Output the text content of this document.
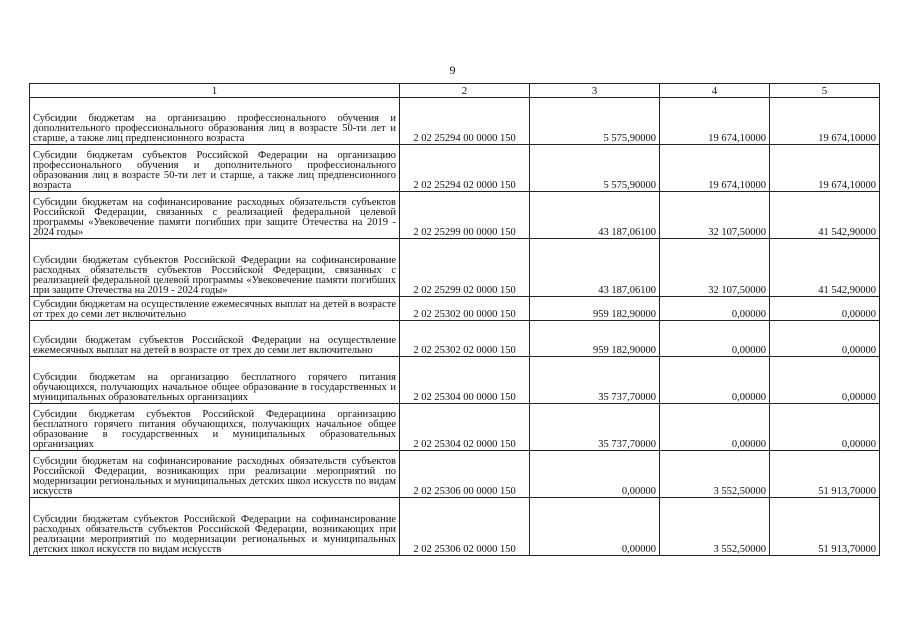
9
1	2	3	4	5
Субсидии бюджетам на организацию профессионального обучения и дополнительного профессионального образования лиц в возрасте 50-ти лет и старше, а также лиц предпенсионного возраста	2 02 25294 00 0000 150	5 575,90000	19 674,10000	19 674,10000
Субсидии бюджетам субъектов Российской Федерации на организацию профессионального обучения и дополнительного профессионального образования лиц в возрасте 50-ти лет и старше, а также лиц предпенсионного возраста	2 02 25294 02 0000 150	5 575,90000	19 674,10000	19 674,10000
Субсидии бюджетам на софинансирование расходных обязательств субъектов Российской Федерации, связанных с реализацией федеральной целевой программы «Увековечение памяти погибших при защите Отечества на 2019 - 2024 годы»	2 02 25299 00 0000 150	43 187,06100	32 107,50000	41 542,90000
Субсидии бюджетам субъектов Российской Федерации на софинансирование расходных обязательств субъектов Российской Федерации, связанных с реализацией федеральной целевой программы «Увековечение памяти погибших при защите Отечества на 2019 - 2024 годы»	2 02 25299 02 0000 150	43 187,06100	32 107,50000	41 542,90000
Субсидии бюджетам на осуществление ежемесячных выплат на детей в возрасте от трех до семи лет включительно	2 02 25302 00 0000 150	959 182,90000	0,00000	0,00000
Субсидии бюджетам субъектов Российской Федерации на осуществление ежемесячных выплат на детей в возрасте от трех до семи лет включительно	2 02 25302 02 0000 150	959 182,90000	0,00000	0,00000
Субсидии бюджетам на организацию бесплатного горячего питания обучающихся, получающих начальное общее образование в государственных и муниципальных образовательных организациях	2 02 25304 00 0000 150	35 737,70000	0,00000	0,00000
Субсидии бюджетам субъектов Российской Федерациина организацию бесплатного горячего питания обучающихся, получающих начальное общее образование в государственных и муниципальных образовательных организациях	2 02 25304 02 0000 150	35 737,70000	0,00000	0,00000
Субсидии бюджетам на софинансирование расходных обязательств субъектов Российской Федерации, возникающих при реализации мероприятий по модернизации региональных и муниципальных детских школ искусств по видам искусств	2 02 25306 00 0000 150	0,00000	3 552,50000	51 913,70000
Субсидии бюджетам субъектов Российской Федерации на софинансирование расходных обязательств субъектов Российской Федерации, возникающих при реализации мероприятий по модернизации региональных и муниципальных детских школ искусств по видам искусств	2 02 25306 02 0000 150	0,00000	3 552,50000	51 913,70000
